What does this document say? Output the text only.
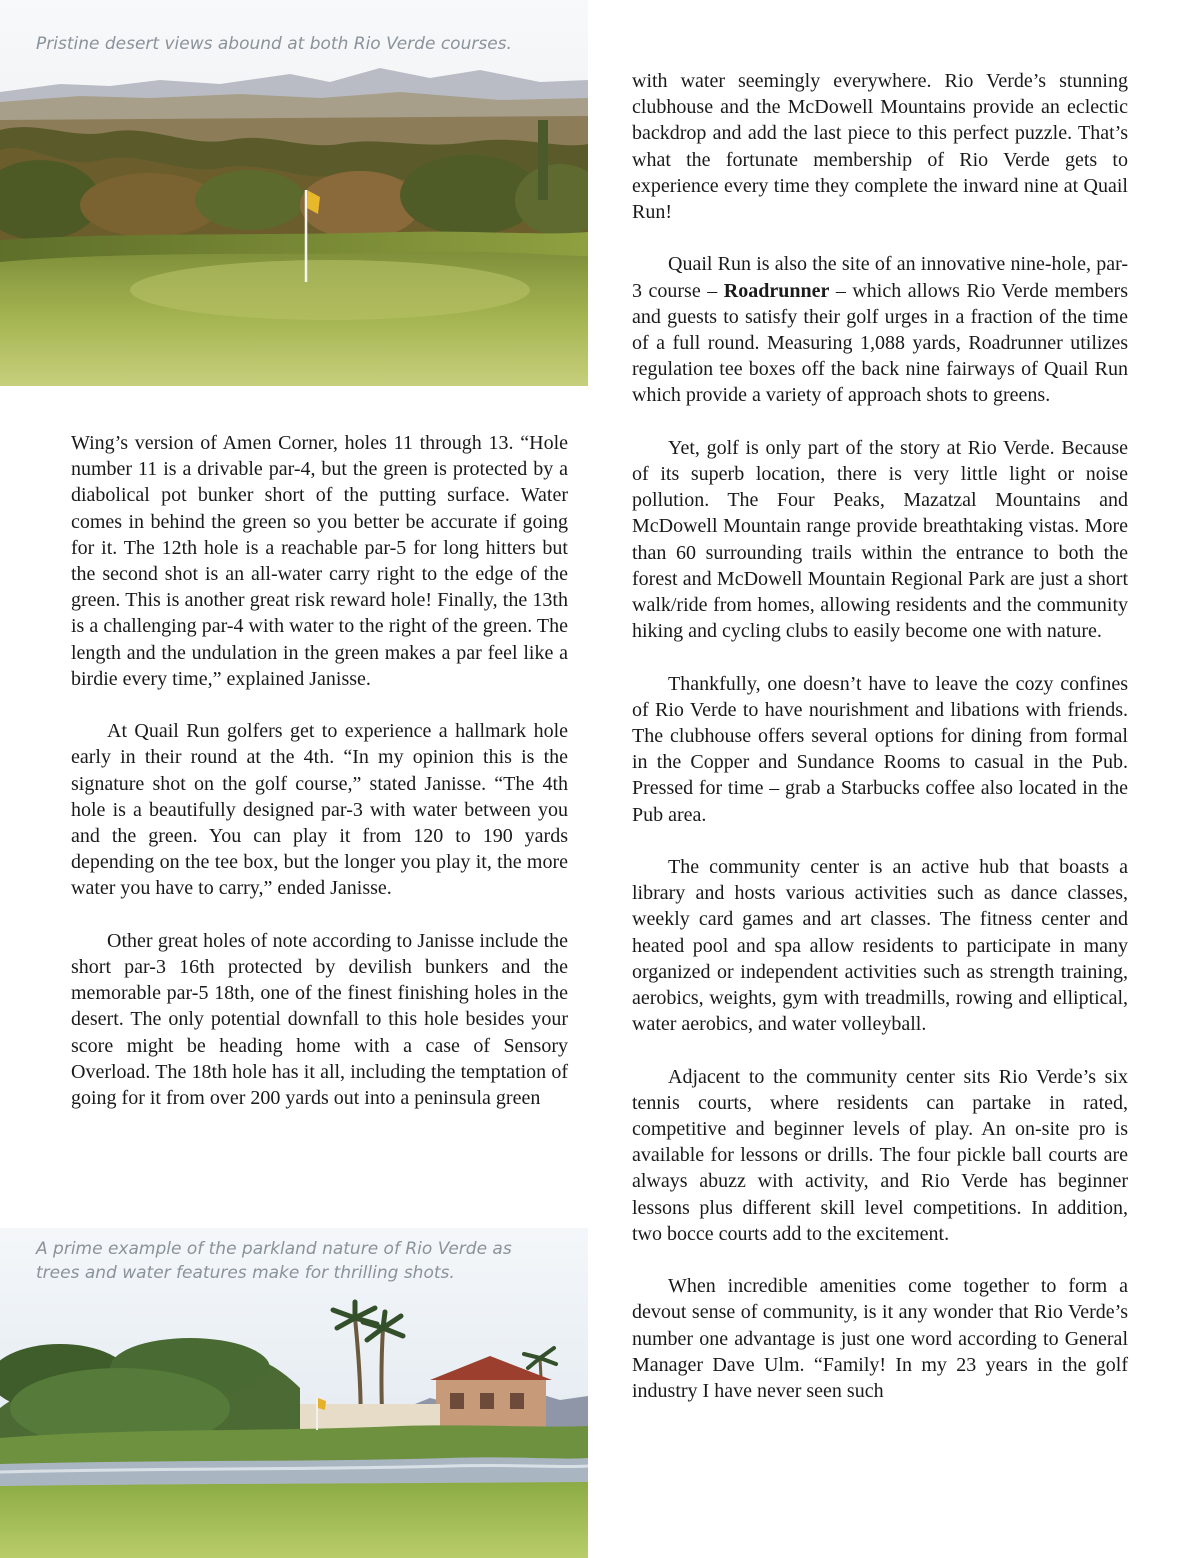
Pristine desert views abound at both Rio Verde courses.

A prime example of the parkland nature of Rio Verde as trees and water features make for thrilling shots.

Wing’s version of Amen Corner, holes 11 through 13. “Hole number 11 is a drivable par-4, but the green is protected by a diabolical pot bunker short of the putting surface. Water comes in behind the green so you better be accurate if going for it. The 12th hole is a reachable par-5 for long hitters but the second shot is an all-water carry right to the edge of the green. This is another great risk reward hole! Finally, the 13th is a challenging par-4 with water to the right of the green. The length and the undulation in the green makes a par feel like a birdie every time,” explained Janisse.

At Quail Run golfers get to experience a hallmark hole early in their round at the 4th. “In my opinion this is the signature shot on the golf course,” stated Janisse. “The 4th hole is a beautifully designed par-3 with water between you and the green. You can play it from 120 to 190 yards depending on the tee box, but the longer you play it, the more water you have to carry,” ended Janisse.

Other great holes of note according to Janisse include the short par-3 16th protected by devilish bunkers and the memorable par-5 18th, one of the finest finishing holes in the desert. The only potential downfall to this hole besides your score might be heading home with a case of Sensory Overload. The 18th hole has it all, including the temptation of going for it from over 200 yards out into a peninsula green

with water seemingly everywhere. Rio Verde’s stunning clubhouse and the McDowell Mountains provide an eclectic backdrop and add the last piece to this perfect puzzle. That’s what the fortunate membership of Rio Verde gets to experience every time they complete the inward nine at Quail Run!

Quail Run is also the site of an innovative nine-hole, par-3 course – Roadrunner – which allows Rio Verde members and guests to satisfy their golf urges in a fraction of the time of a full round. Measuring 1,088 yards, Roadrunner utilizes regulation tee boxes off the back nine fairways of Quail Run which provide a variety of approach shots to greens.

Yet, golf is only part of the story at Rio Verde. Because of its superb location, there is very little light or noise pollution. The Four Peaks, Mazatzal Mountains and McDowell Mountain range provide breathtaking vistas. More than 60 surrounding trails within the entrance to both the forest and McDowell Mountain Regional Park are just a short walk/ride from homes, allowing residents and the community hiking and cycling clubs to easily become one with nature.

Thankfully, one doesn’t have to leave the cozy confines of Rio Verde to have nourishment and libations with friends. The clubhouse offers several options for dining from formal in the Copper and Sundance Rooms to casual in the Pub. Pressed for time – grab a Starbucks coffee also located in the Pub area.

The community center is an active hub that boasts a library and hosts various activities such as dance classes, weekly card games and art classes. The fitness center and heated pool and spa allow residents to participate in many organized or independent activities such as strength training, aerobics, weights, gym with treadmills, rowing and elliptical, water aerobics, and water volleyball.

Adjacent to the community center sits Rio Verde’s six tennis courts, where residents can partake in rated, competitive and beginner levels of play. An on-site pro is available for lessons or drills. The four pickle ball courts are always abuzz with activity, and Rio Verde has beginner lessons plus different skill level competitions. In addition, two bocce courts add to the excitement.

When incredible amenities come together to form a devout sense of community, is it any wonder that Rio Verde’s number one advantage is just one word according to General Manager Dave Ulm. “Family! In my 23 years in the golf industry I have never seen such
